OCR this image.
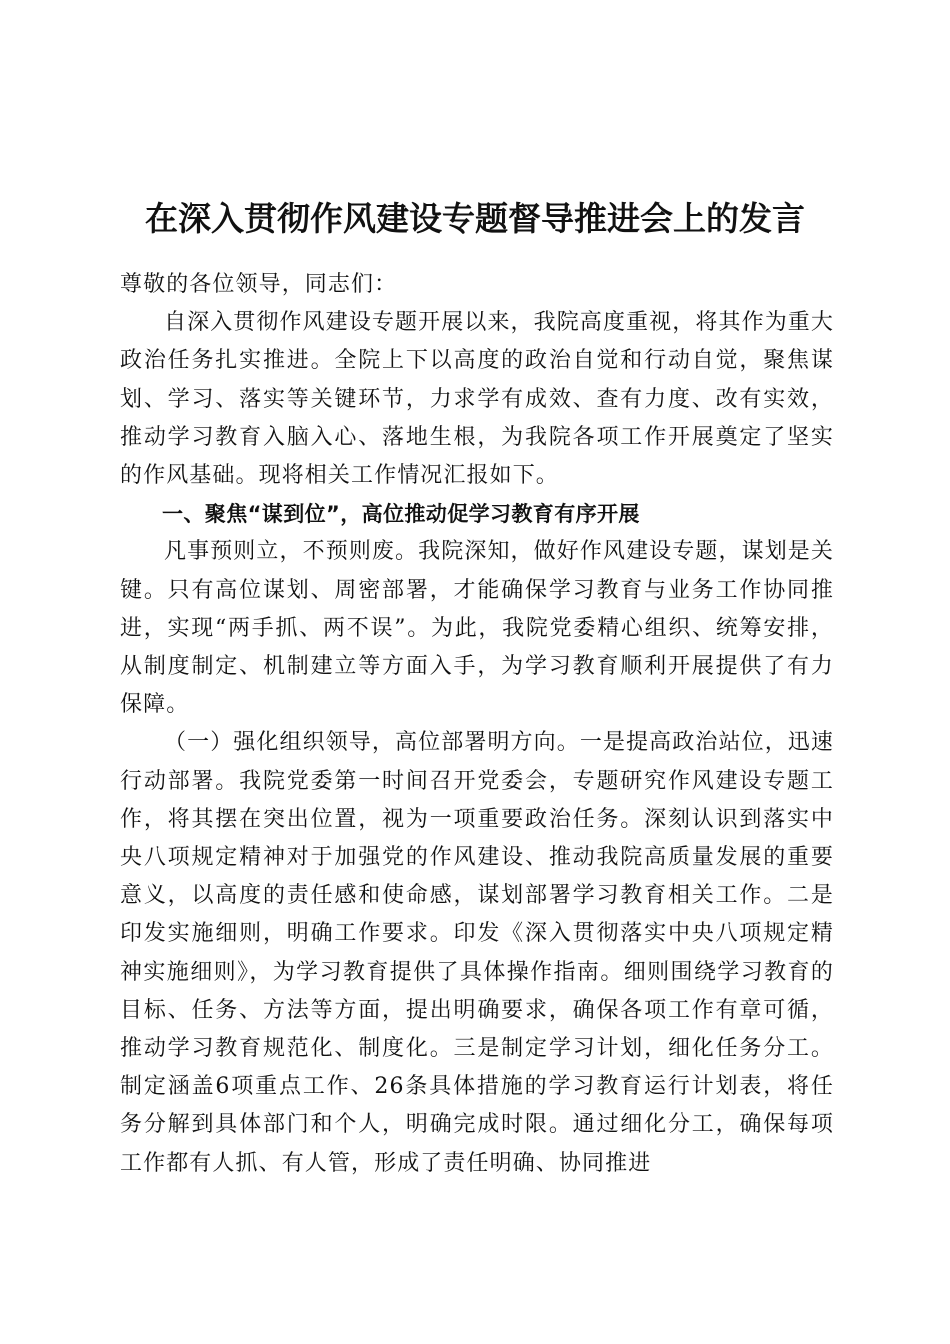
在深入贯彻作风建设专题督导推进会上的发言

尊敬的各位领导，同志们：

自深入贯彻作风建设专题开展以来，我院高度重视，将其作为重大政治任务扎实推进。全院上下以高度的政治自觉和行动自觉，聚焦谋划、学习、落实等关键环节，力求学有成效、查有力度、改有实效，推动学习教育入脑入心、落地生根，为我院各项工作开展奠定了坚实的作风基础。现将相关工作情况汇报如下。

一、聚焦“谋到位”，高位推动促学习教育有序开展

凡事预则立，不预则废。我院深知，做好作风建设专题，谋划是关键。只有高位谋划、周密部署，才能确保学习教育与业务工作协同推进，实现“两手抓、两不误”。为此，我院党委精心组织、统筹安排，从制度制定、机制建立等方面入手，为学习教育顺利开展提供了有力保障。

（一）强化组织领导，高位部署明方向。一是提高政治站位，迅速行动部署。我院党委第一时间召开党委会，专题研究作风建设专题工作，将其摆在突出位置，视为一项重要政治任务。深刻认识到落实中央八项规定精神对于加强党的作风建设、推动我院高质量发展的重要意义，以高度的责任感和使命感，谋划部署学习教育相关工作。二是印发实施细则，明确工作要求。印发《深入贯彻落实中央八项规定精神实施细则》，为学习教育提供了具体操作指南。细则围绕学习教育的目标、任务、方法等方面，提出明确要求，确保各项工作有章可循，推动学习教育规范化、制度化。三是制定学习计划，细化任务分工。制定涵盖6项重点工作、26条具体措施的学习教育运行计划表，将任务分解到具体部门和个人，明确完成时限。通过细化分工，确保每项工作都有人抓、有人管，形成了责任明确、协同推进
